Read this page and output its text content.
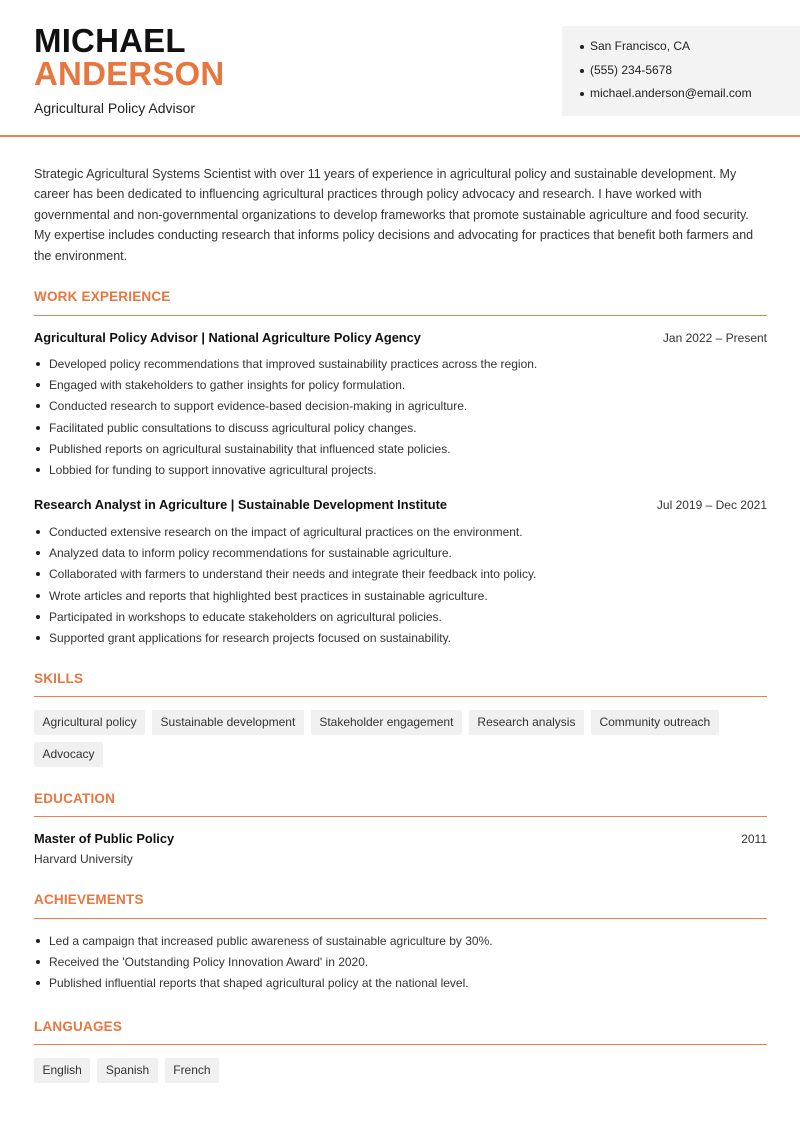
MICHAEL
ANDERSON
Agricultural Policy Advisor
San Francisco, CA
(555) 234-5678
michael.anderson@email.com

Strategic Agricultural Systems Scientist with over 11 years of experience in agricultural policy and sustainable development. My career has been dedicated to influencing agricultural practices through policy advocacy and research. I have worked with governmental and non-governmental organizations to develop frameworks that promote sustainable agriculture and food security. My expertise includes conducting research that informs policy decisions and advocating for practices that benefit both farmers and the environment.

WORK EXPERIENCE
Agricultural Policy Advisor | National Agriculture Policy Agency	Jan 2022 – Present
Developed policy recommendations that improved sustainability practices across the region.
Engaged with stakeholders to gather insights for policy formulation.
Conducted research to support evidence-based decision-making in agriculture.
Facilitated public consultations to discuss agricultural policy changes.
Published reports on agricultural sustainability that influenced state policies.
Lobbied for funding to support innovative agricultural projects.
Research Analyst in Agriculture | Sustainable Development Institute	Jul 2019 – Dec 2021
Conducted extensive research on the impact of agricultural practices on the environment.
Analyzed data to inform policy recommendations for sustainable agriculture.
Collaborated with farmers to understand their needs and integrate their feedback into policy.
Wrote articles and reports that highlighted best practices in sustainable agriculture.
Participated in workshops to educate stakeholders on agricultural policies.
Supported grant applications for research projects focused on sustainability.
SKILLS
Agricultural policy	Sustainable development	Stakeholder engagement	Research analysis	Community outreach
Advocacy
EDUCATION
Master of Public Policy	2011
Harvard University
ACHIEVEMENTS
Led a campaign that increased public awareness of sustainable agriculture by 30%.
Received the 'Outstanding Policy Innovation Award' in 2020.
Published influential reports that shaped agricultural policy at the national level.
LANGUAGES
English	Spanish	French
